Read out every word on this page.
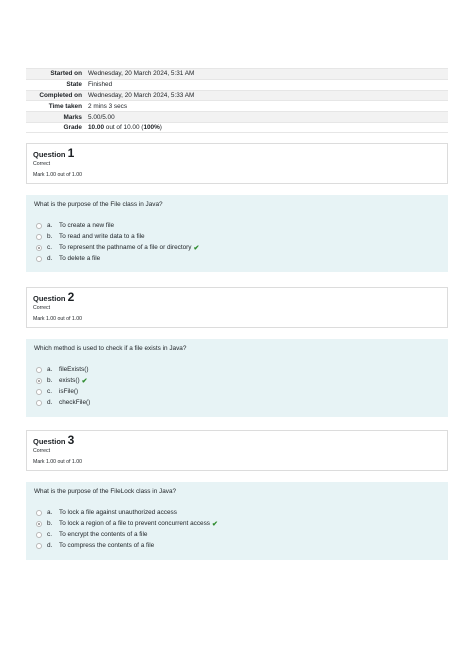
Started on Wednesday, 20 March 2024, 5:31 AM
State Finished
Completed on Wednesday, 20 March 2024, 5:33 AM
Time taken 2 mins 3 secs
Marks 5.00/5.00
Grade 10.00 out of 10.00 (100%)
Question 1
Correct
Mark 1.00 out of 1.00
What is the purpose of the File class in Java?
a.	To create a new file
b.	To read and write data to a file
c.	To represent the pathname of a file or directory ✔
d.	To delete a file
Question 2
Correct
Mark 1.00 out of 1.00
Which method is used to check if a file exists in Java?
a.	fileExists()
b.	exists() ✔
c.	isFile()
d.	checkFile()
Question 3
Correct
Mark 1.00 out of 1.00
What is the purpose of the FileLock class in Java?
a.	To lock a file against unauthorized access
b.	To lock a region of a file to prevent concurrent access ✔
c.	To encrypt the contents of a file
d.	To compress the contents of a file
